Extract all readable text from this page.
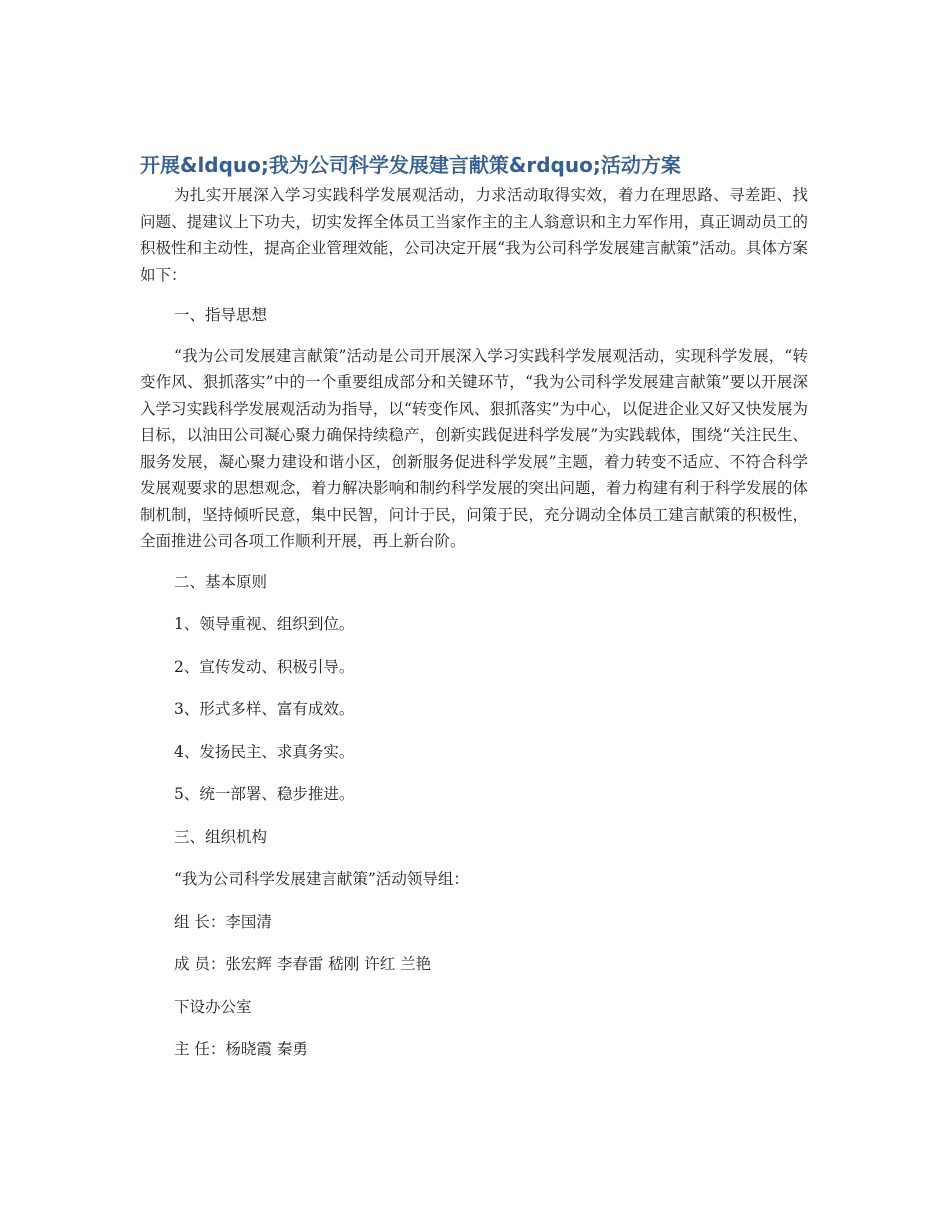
开展&ldquo;我为公司科学发展建言献策&rdquo;活动方案

为扎实开展深入学习实践科学发展观活动，力求活动取得实效，着力在理思路、寻差距、找问题、提建议上下功夫，切实发挥全体员工当家作主的主人翁意识和主力军作用，真正调动员工的积极性和主动性，提高企业管理效能，公司决定开展“我为公司科学发展建言献策”活动。具体方案如下：

一、指导思想

“我为公司发展建言献策”活动是公司开展深入学习实践科学发展观活动，实现科学发展，“转变作风、狠抓落实”中的一个重要组成部分和关键环节，“我为公司科学发展建言献策”要以开展深入学习实践科学发展观活动为指导，以“转变作风、狠抓落实”为中心，以促进企业又好又快发展为目标，以油田公司凝心聚力确保持续稳产，创新实践促进科学发展”为实践载体，围绕“关注民生、服务发展，凝心聚力建设和谐小区，创新服务促进科学发展”主题，着力转变不适应、不符合科学发展观要求的思想观念，着力解决影响和制约科学发展的突出问题，着力构建有利于科学发展的体制机制，坚持倾听民意，集中民智，问计于民，问策于民，充分调动全体员工建言献策的积极性，全面推进公司各项工作顺利开展，再上新台阶。

二、基本原则

1、领导重视、组织到位。

2、宣传发动、积极引导。

3、形式多样、富有成效。

4、发扬民主、求真务实。

5、统一部署、稳步推进。

三、组织机构

“我为公司科学发展建言献策”活动领导组：

组 长：李国清

成 员：张宏辉 李春雷 嵇刚 许红 兰艳

下设办公室

主 任：杨晓霞 秦勇
